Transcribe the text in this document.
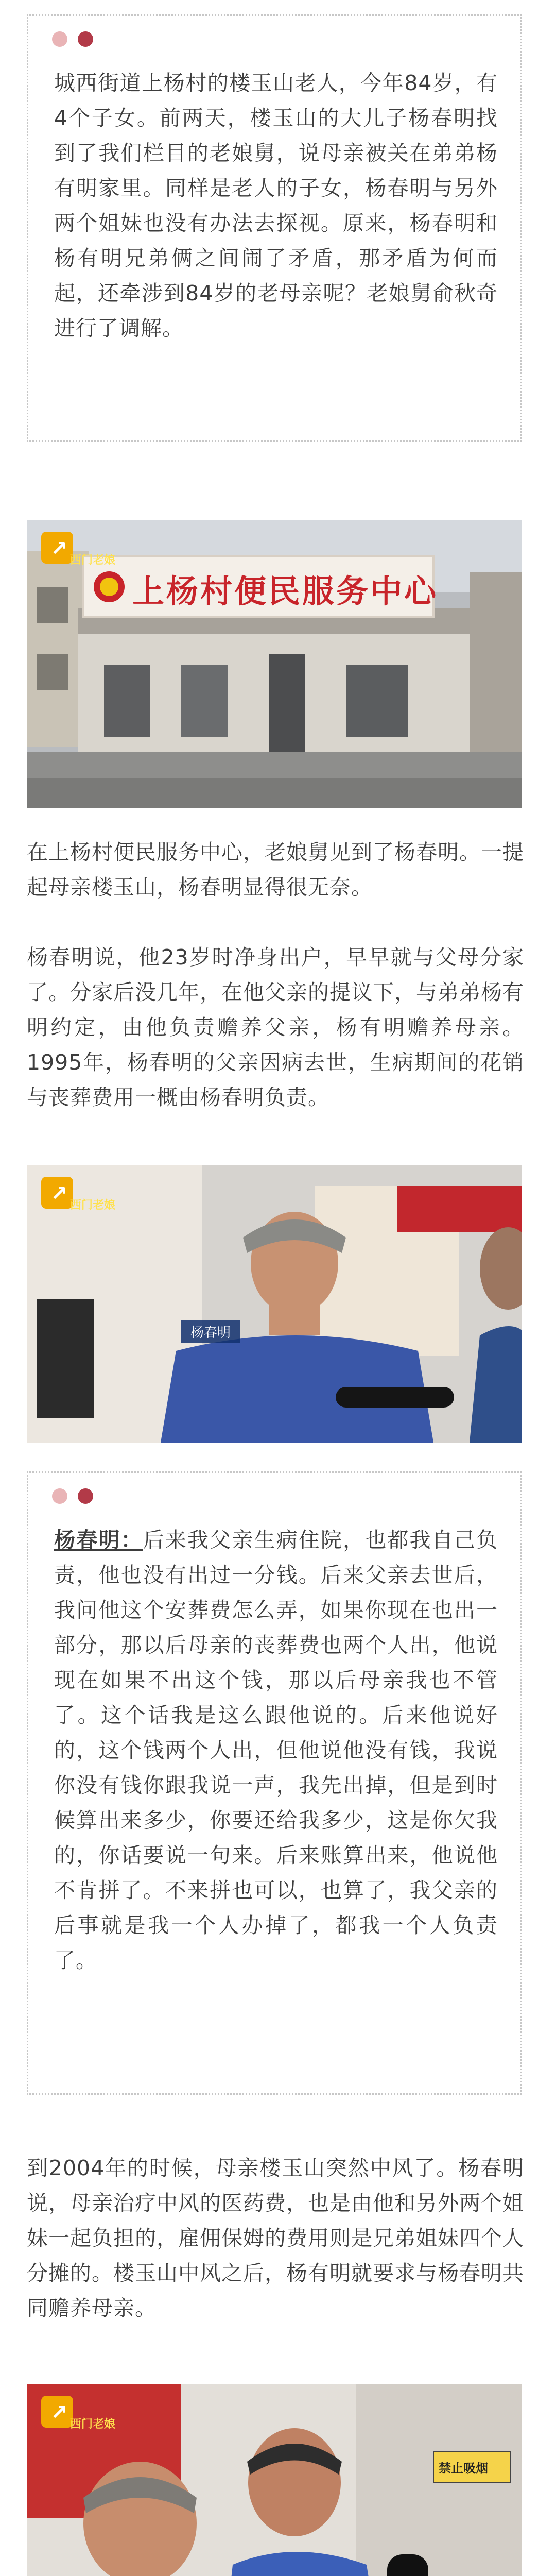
城西街道上杨村的楼玉山老人，今年84岁，有4个子女。前两天，楼玉山的大儿子杨春明找到了我们栏目的老娘舅，说母亲被关在弟弟杨有明家里。同样是老人的子女，杨春明与另外两个姐妹也没有办法去探视。原来，杨春明和杨有明兄弟俩之间闹了矛盾，那矛盾为何而起，还牵涉到84岁的老母亲呢？老娘舅俞秋奇进行了调解。

上杨村便民服务中心
↗ 西门老娘

在上杨村便民服务中心，老娘舅见到了杨春明。一提起母亲楼玉山，杨春明显得很无奈。

杨春明说，他23岁时净身出户，早早就与父母分家了。分家后没几年，在他父亲的提议下，与弟弟杨有明约定，由他负责赡养父亲，杨有明赡养母亲。1995年，杨春明的父亲因病去世，生病期间的花销与丧葬费用一概由杨春明负责。

杨春明
↗ 西门老娘

杨春明：后来我父亲生病住院，也都我自己负责，他也没有出过一分钱。后来父亲去世后，我问他这个安葬费怎么弄，如果你现在也出一部分，那以后母亲的丧葬费也两个人出，他说现在如果不出这个钱，那以后母亲我也不管了。这个话我是这么跟他说的。后来他说好的，这个钱两个人出，但他说他没有钱，我说你没有钱你跟我说一声，我先出掉，但是到时候算出来多少，你要还给我多少，这是你欠我的，你话要说一句来。后来账算出来，他说他不肯拼了。不来拼也可以，也算了，我父亲的后事就是我一个人办掉了，都我一个人负责了。

到2004年的时候，母亲楼玉山突然中风了。杨春明说，母亲治疗中风的医药费，也是由他和另外两个姐妹一起负担的，雇佣保姆的费用则是兄弟姐妹四个人分摊的。楼玉山中风之后，杨有明就要求与杨春明共同赡养母亲。

禁止吸烟
↗ 西门老娘
